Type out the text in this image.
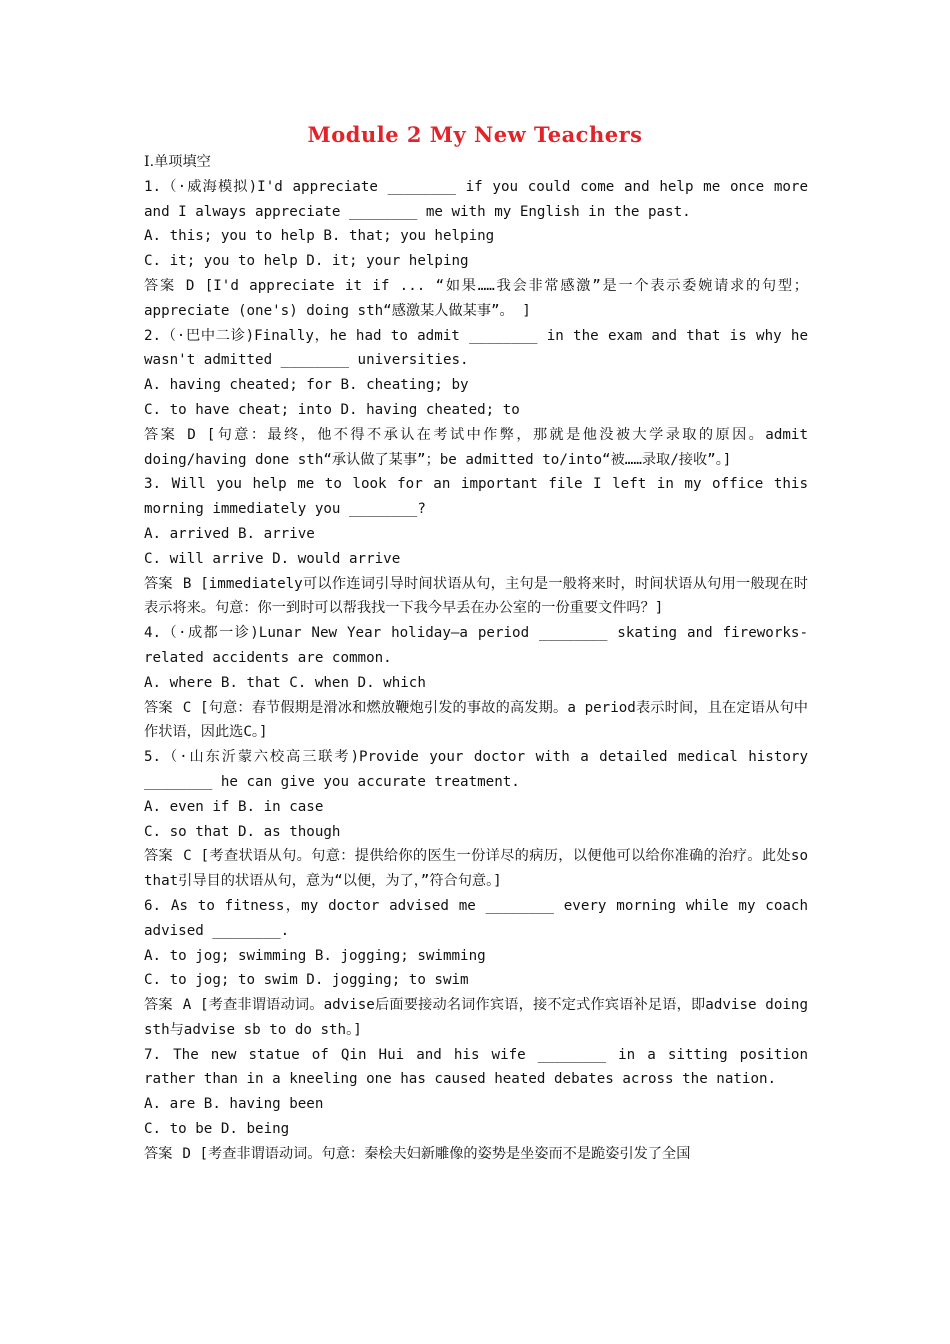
Module 2 My New Teachers

I.单项填空

1.（·威海模拟)I'd appreciate ________ if you could come and help me once more and I always appreciate ________ me with my English in the past.

A. this; you to help B. that; you helping

C. it; you to help D. it; your helping

答案 D [I'd appreciate it if ... “如果……我会非常感激”是一个表示委婉请求的句型； appreciate (one's) doing sth“感激某人做某事”。 ]

2.（·巴中二诊)Finally，he had to admit ________ in the exam and that is why he wasn't admitted ________ universities.

A. having cheated; for B. cheating; by

C. to have cheat; into D. having cheated; to

答案 D [句意：最终，他不得不承认在考试中作弊，那就是他没被大学录取的原因。admit doing/having done sth“承认做了某事”；be admitted to/into“被……录取/接收”。]

3. Will you help me to look for an important file I left in my office this morning immediately you ________?

A. arrived B. arrive

C. will arrive D. would arrive

答案 B [immediately可以作连词引导时间状语从句，主句是一般将来时，时间状语从句用一般现在时表示将来。句意：你一到时可以帮我找一下我今早丢在办公室的一份重要文件吗？]

4.（·成都一诊)Lunar New Year holiday—a period ________ skating and fireworks-related accidents are common.

A. where B. that C. when D. which

答案 C [句意：春节假期是滑冰和燃放鞭炮引发的事故的高发期。a period表示时间，且在定语从句中作状语，因此选C。]

5.（·山东沂蒙六校高三联考)Provide your doctor with a detailed medical history ________ he can give you accurate treatment.

A. even if B. in case

C. so that D. as though

答案 C [考查状语从句。句意：提供给你的医生一份详尽的病历，以便他可以给你准确的治疗。此处so that引导目的状语从句，意为“以便，为了，”符合句意。]

6. As to fitness，my doctor advised me ________ every morning while my coach advised ________.

A. to jog; swimming B. jogging; swimming

C. to jog; to swim D. jogging; to swim

答案 A [考查非谓语动词。advise后面要接动名词作宾语，接不定式作宾语补足语，即advise doing sth与advise sb to do sth。]

7. The new statue of Qin Hui and his wife ________ in a sitting position rather than in a kneeling one has caused heated debates across the nation.

A. are B. having been

C. to be D. being

答案 D [考查非谓语动词。句意：秦桧夫妇新雕像的姿势是坐姿而不是跪姿引发了全国
